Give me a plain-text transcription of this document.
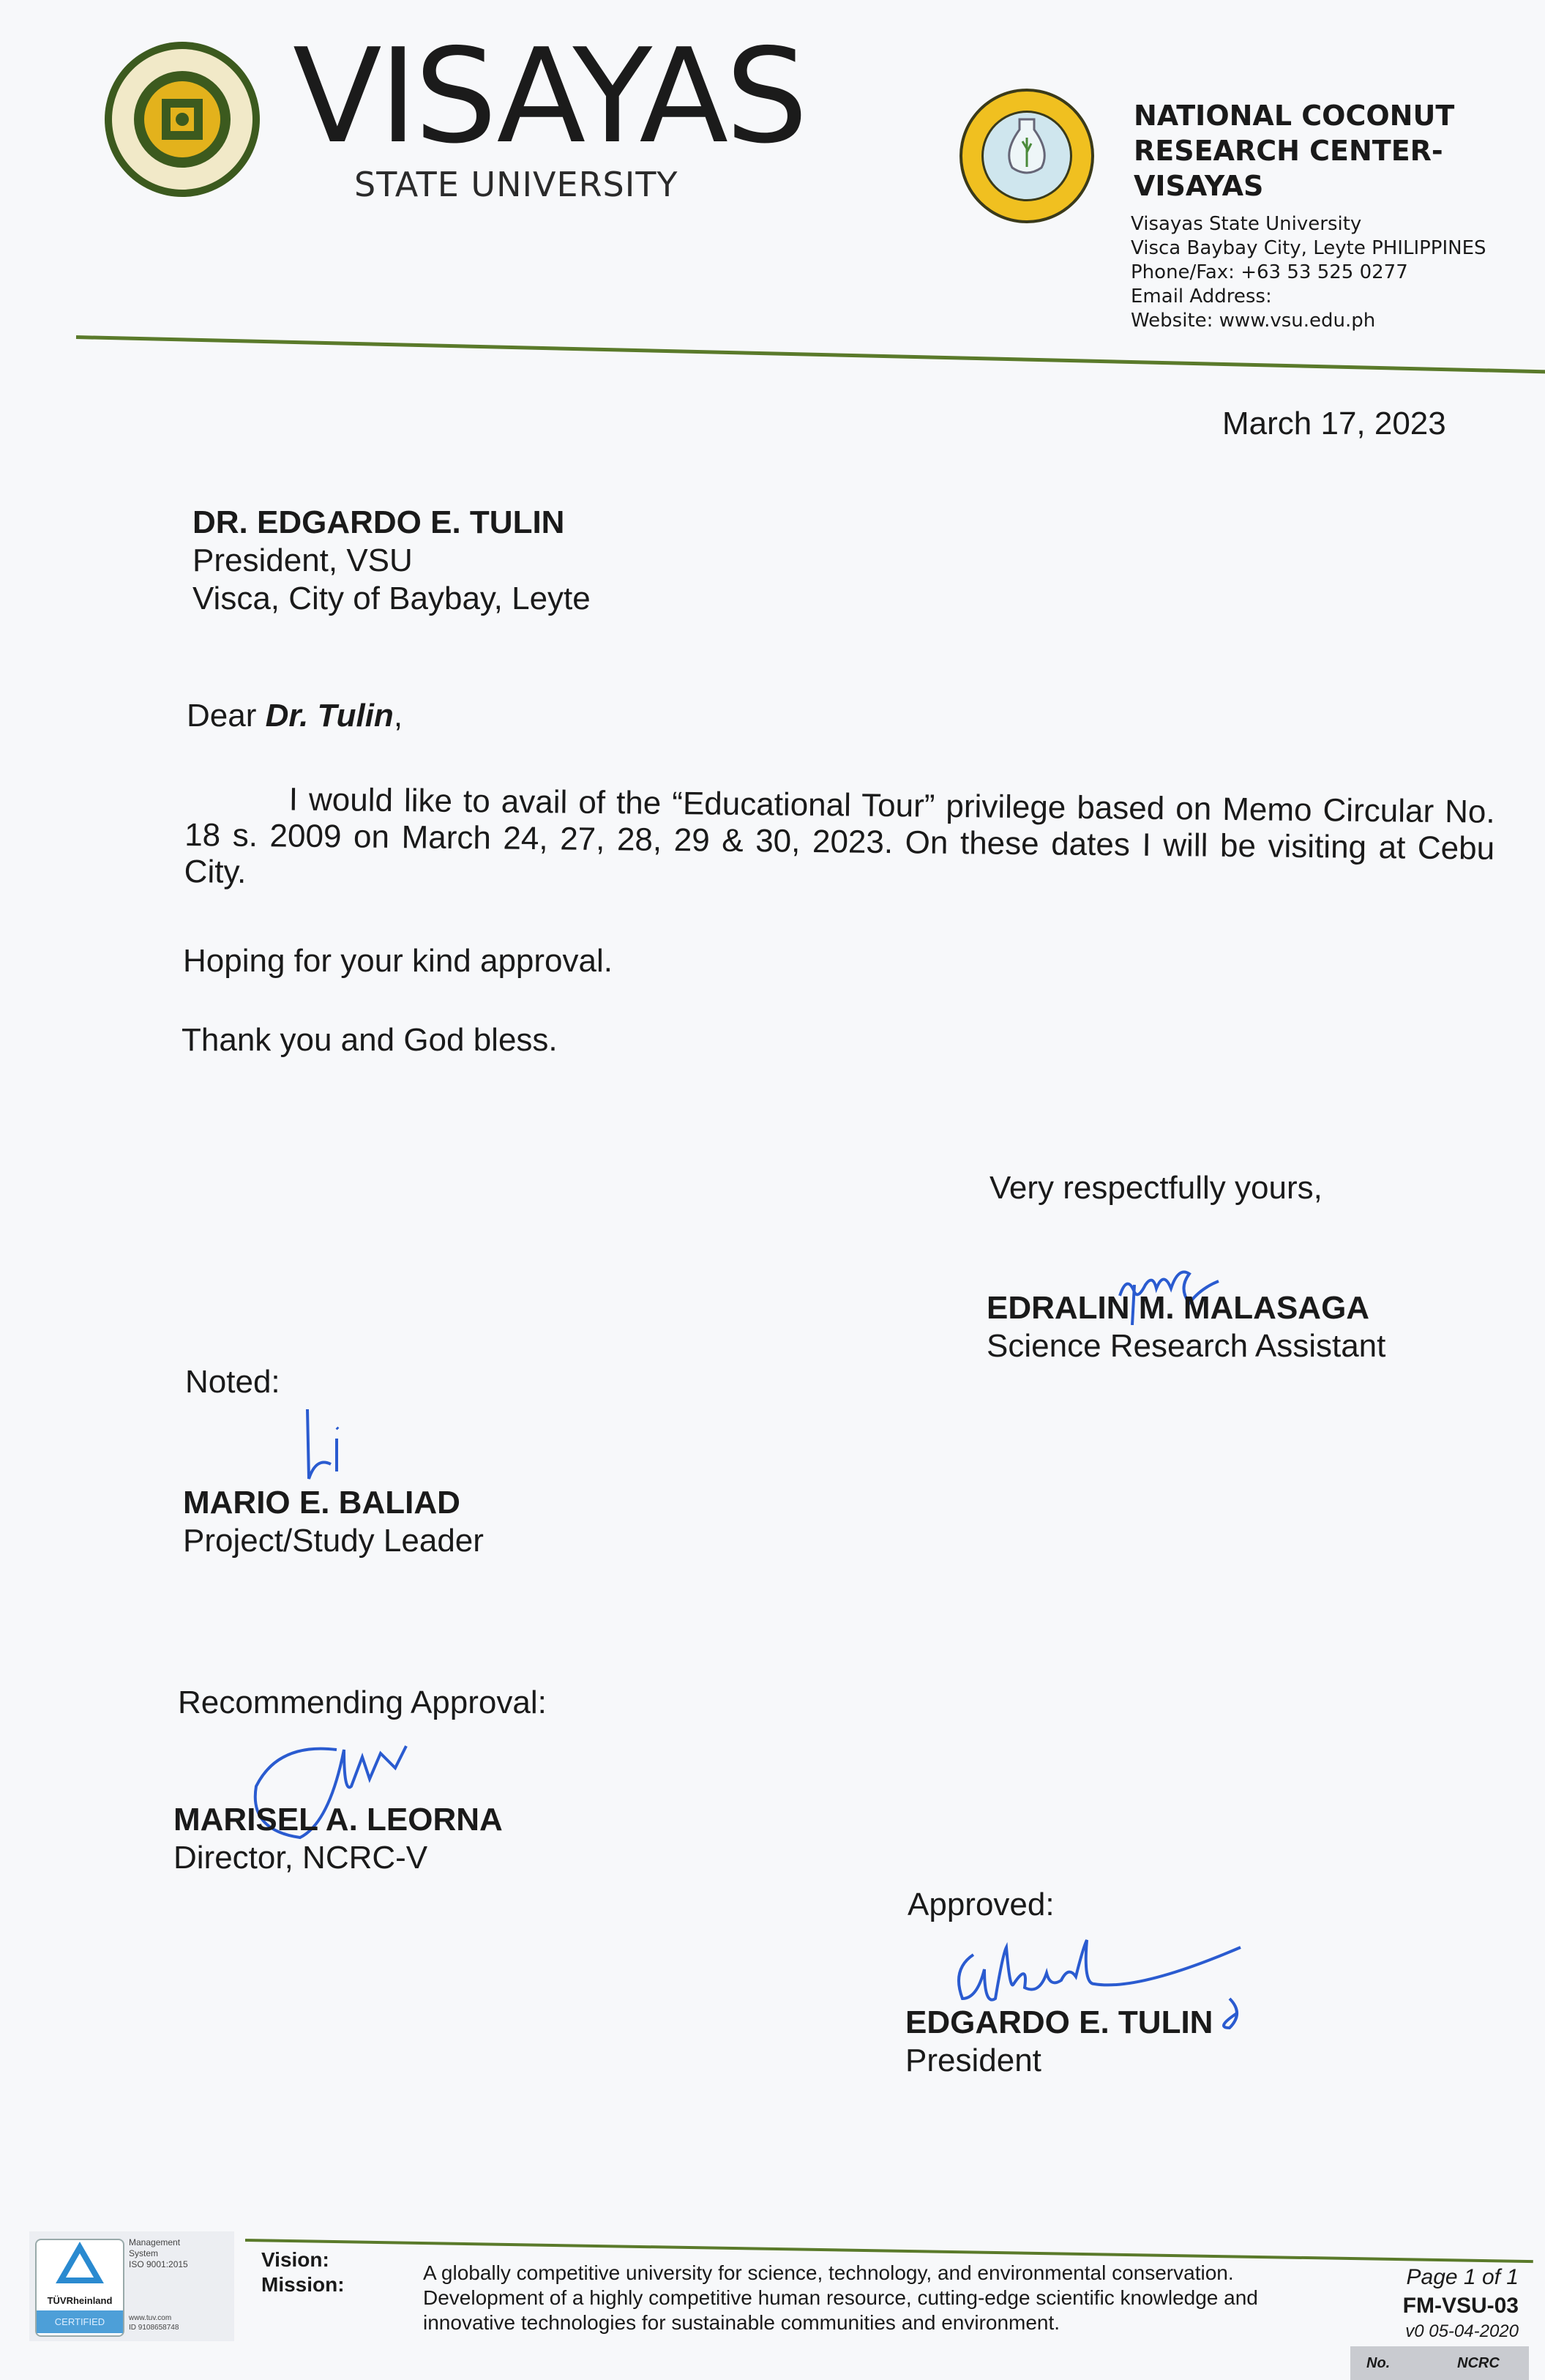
VISAYAS
STATE UNIVERSITY
NATIONAL COCONUT
RESEARCH CENTER-
VISAYAS
Visayas State University
Visca Baybay City, Leyte PHILIPPINES
Phone/Fax: +63 53 525 0277
Email Address:
Website: www.vsu.edu.ph
March 17, 2023
DR. EDGARDO E. TULIN
President, VSU
Visca, City of Baybay, Leyte
Dear Dr. Tulin,
I would like to avail of the “Educational Tour” privilege based on Memo Circular No. 18 s. 2009 on March 24, 27, 28, 29 & 30, 2023. On these dates I will be visiting at Cebu City.
Hoping for your kind approval.
Thank you and God bless.
Very respectfully yours,
EDRALIN M. MALASAGA
Science Research Assistant
Noted:
MARIO E. BALIAD
Project/Study Leader
Recommending Approval:
MARISEL A. LEORNA
Director, NCRC-V
Approved:
EDGARDO E. TULIN
President
TÜVRheinland
CERTIFIED
Management
System
ISO 9001:2015
www.tuv.com
ID 9108658748
Vision:
Mission:
A globally competitive university for science, technology, and environmental conservation.
Development of a highly competitive human resource, cutting-edge scientific knowledge and innovative technologies for sustainable communities and environment.
Page 1 of 1
FM-VSU-03
v0 05-04-2020
No.	NCRC
